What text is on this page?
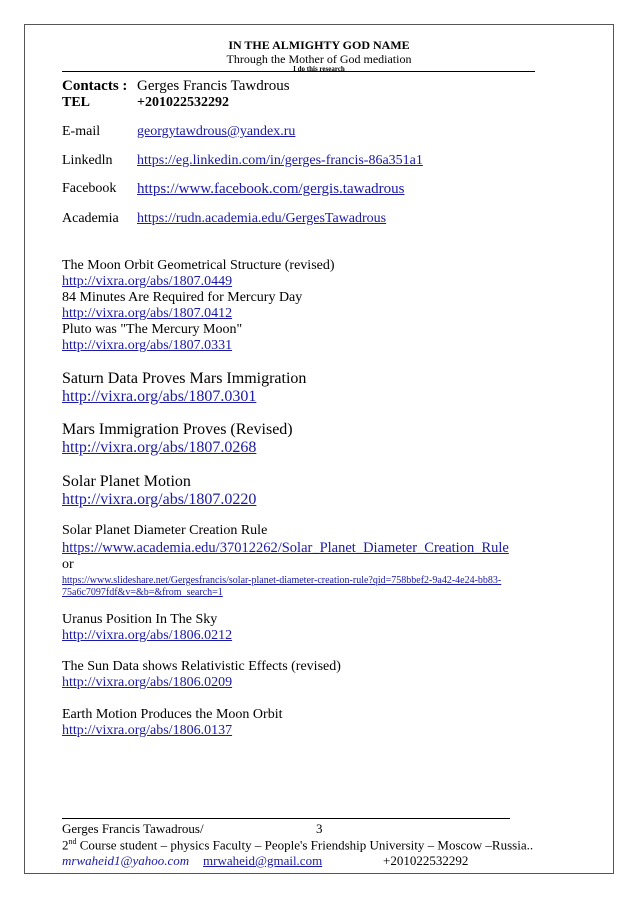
IN THE ALMIGHTY GOD NAME
Through the Mother of God mediation
I do this research
Contacts : Gerges Francis Tawdrous
TEL	+201022532292
E-mail	georgytawdrous@yandex.ru
Linkedln https://eg.linkedin.com/in/gerges-francis-86a351a1
Facebook https://www.facebook.com/gergis.tawadrous
Academia https://rudn.academia.edu/GergesTawadrous
The Moon Orbit Geometrical Structure (revised)
http://vixra.org/abs/1807.0449
84 Minutes Are Required for Mercury Day
http://vixra.org/abs/1807.0412
Pluto was "The Mercury Moon"
http://vixra.org/abs/1807.0331
Saturn Data Proves Mars Immigration
http://vixra.org/abs/1807.0301
Mars Immigration Proves (Revised)
http://vixra.org/abs/1807.0268
Solar Planet Motion
http://vixra.org/abs/1807.0220
Solar Planet Diameter Creation Rule
https://www.academia.edu/37012262/Solar_Planet_Diameter_Creation_Rule
or
https://www.slideshare.net/Gergesfrancis/solar-planet-diameter-creation-rule?qid=758bbef2-9a42-4e24-bb83-
75a6c7097fdf&v=&b=&from_search=1
Uranus Position In The Sky
http://vixra.org/abs/1806.0212
The Sun Data shows Relativistic Effects (revised)
http://vixra.org/abs/1806.0209
Earth Motion Produces the Moon Orbit
http://vixra.org/abs/1806.0137
Gerges Francis Tawadrous/	3
2nd Course student – physics Faculty – People's Friendship University – Moscow –Russia..
mrwaheid1@yahoo.com mrwaheid@gmail.com	+201022532292
